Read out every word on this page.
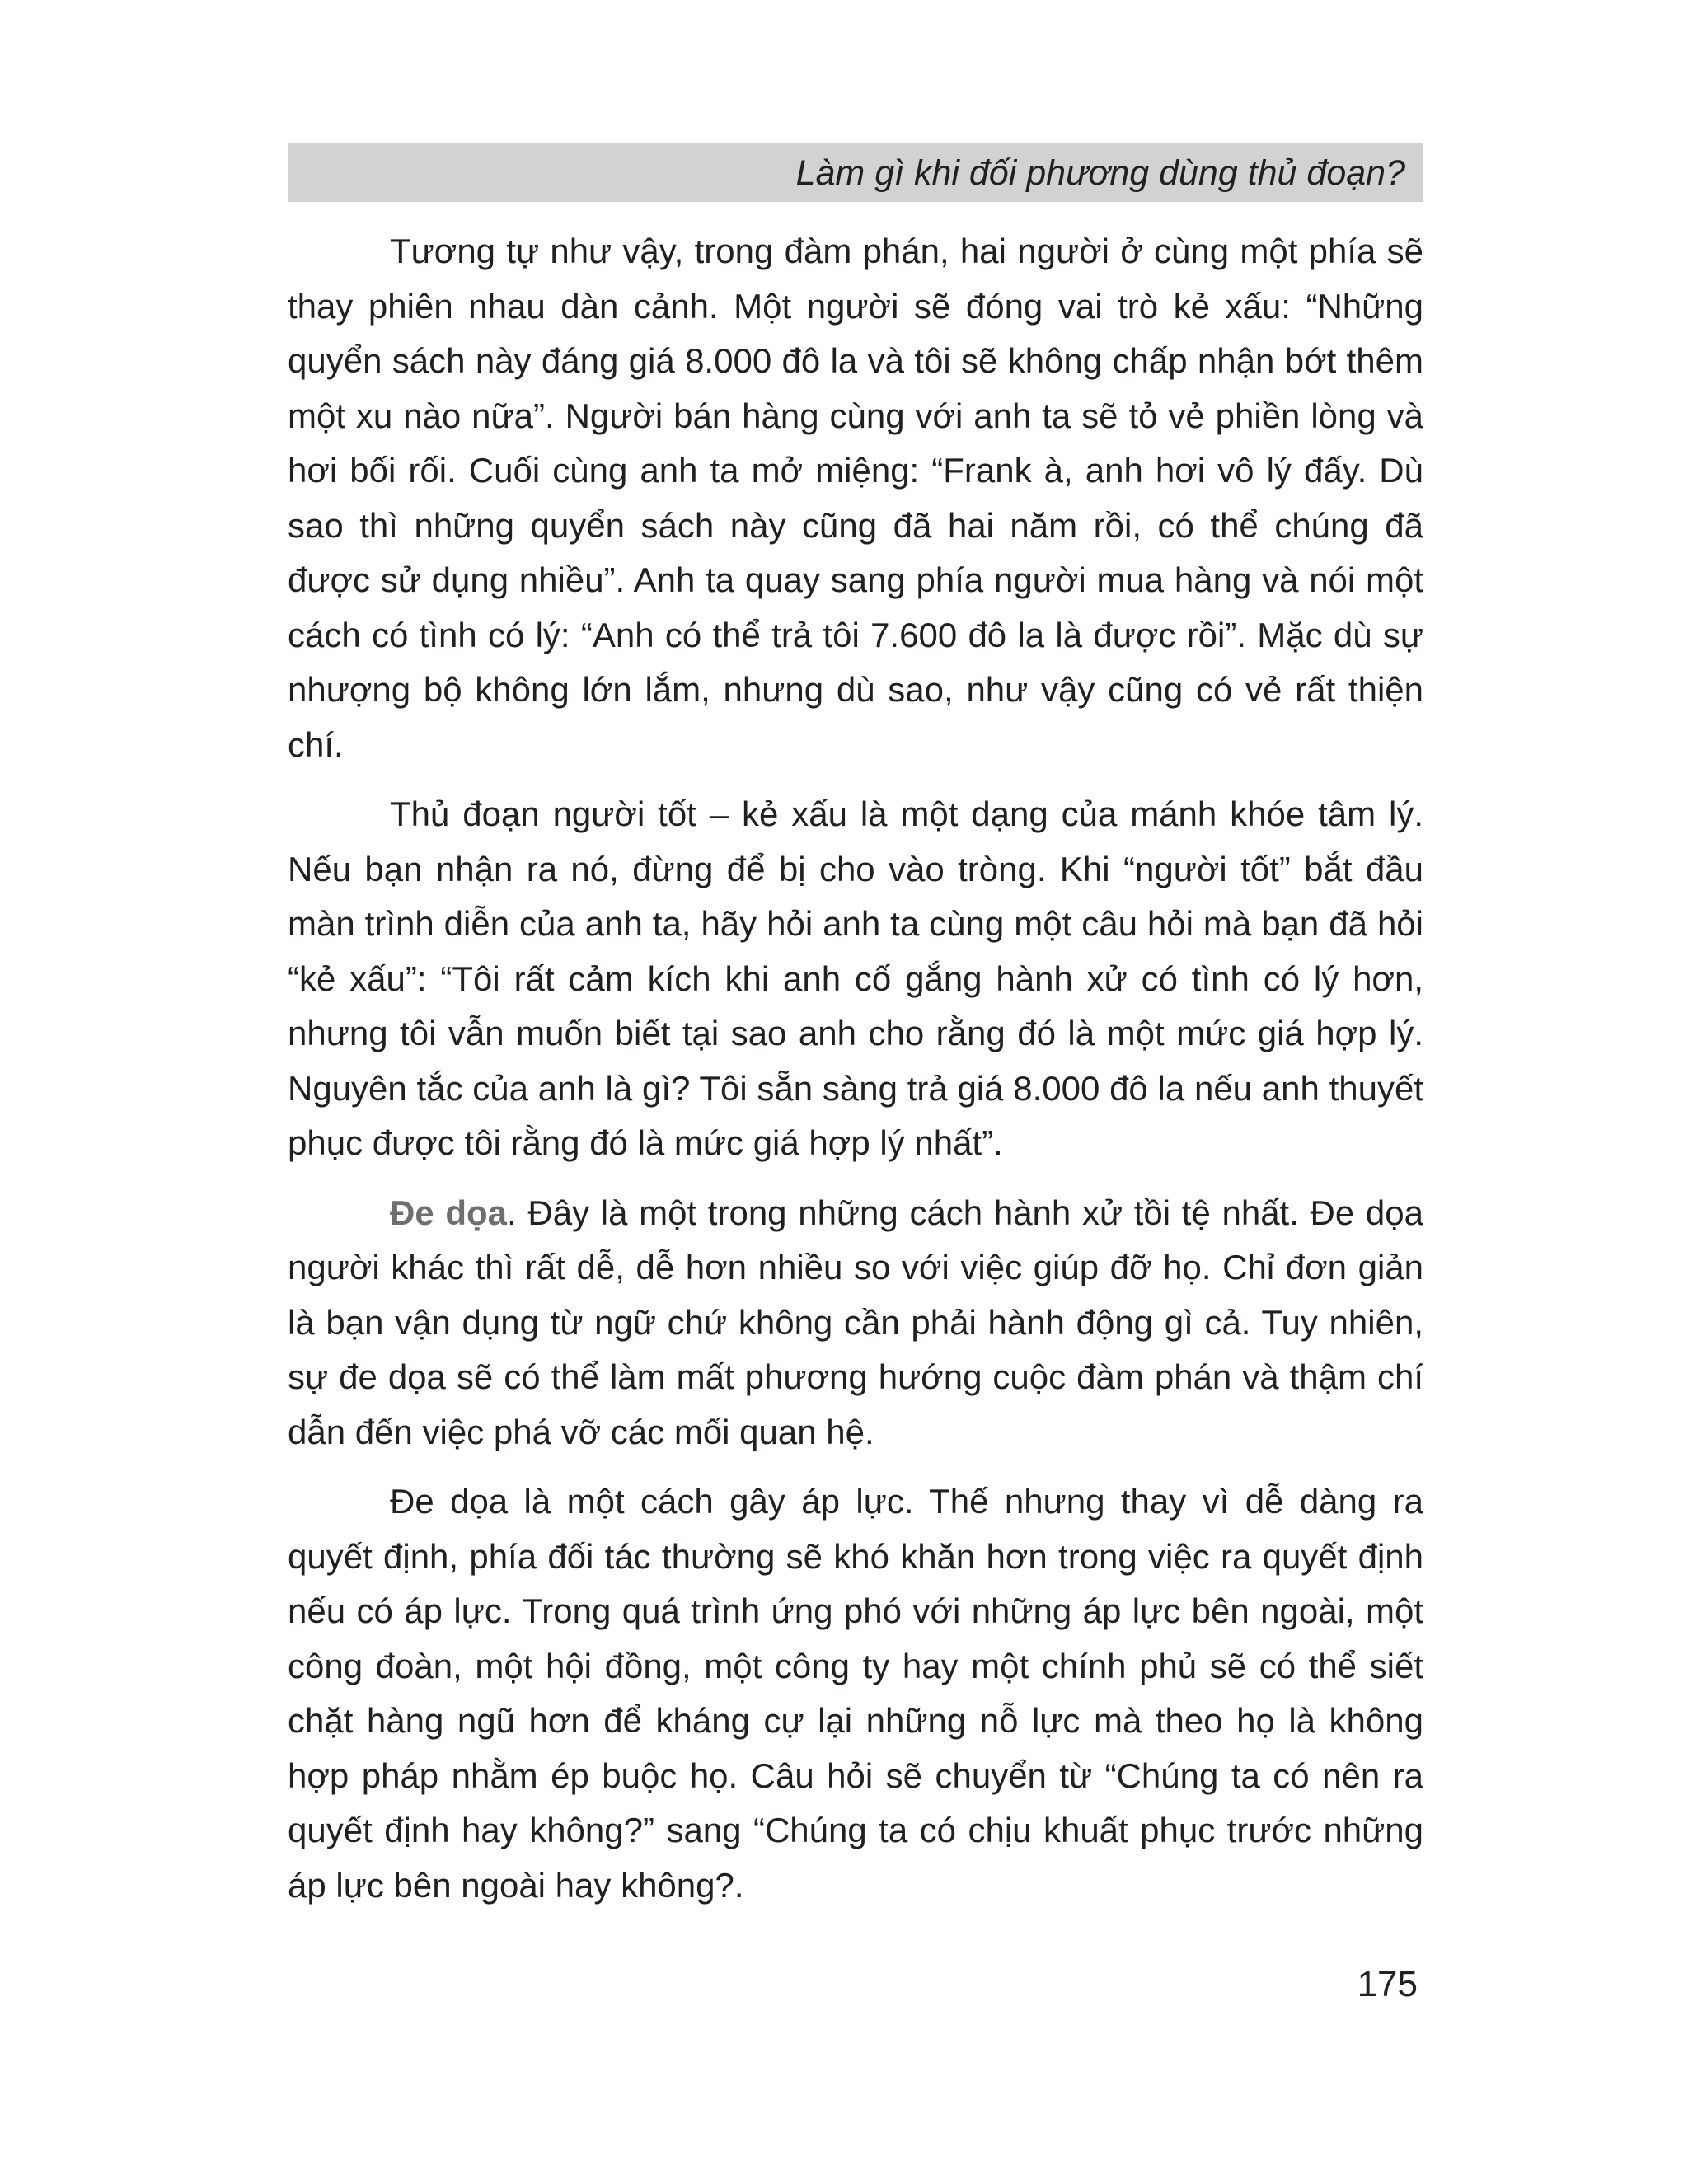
Làm gì khi đối phương dùng thủ đoạn?

Tương tự như vậy, trong đàm phán, hai người ở cùng một phía sẽ thay phiên nhau dàn cảnh. Một người sẽ đóng vai trò kẻ xấu: “Những quyển sách này đáng giá 8.000 đô la và tôi sẽ không chấp nhận bớt thêm một xu nào nữa”. Người bán hàng cùng với anh ta sẽ tỏ vẻ phiền lòng và hơi bối rối. Cuối cùng anh ta mở miệng: “Frank à, anh hơi vô lý đấy. Dù sao thì những quyển sách này cũng đã hai năm rồi, có thể chúng đã được sử dụng nhiều”. Anh ta quay sang phía người mua hàng và nói một cách có tình có lý: “Anh có thể trả tôi 7.600 đô la là được rồi”. Mặc dù sự nhượng bộ không lớn lắm, nhưng dù sao, như vậy cũng có vẻ rất thiện chí.

Thủ đoạn người tốt – kẻ xấu là một dạng của mánh khóe tâm lý. Nếu bạn nhận ra nó, đừng để bị cho vào tròng. Khi “người tốt” bắt đầu màn trình diễn của anh ta, hãy hỏi anh ta cùng một câu hỏi mà bạn đã hỏi “kẻ xấu”: “Tôi rất cảm kích khi anh cố gắng hành xử có tình có lý hơn, nhưng tôi vẫn muốn biết tại sao anh cho rằng đó là một mức giá hợp lý. Nguyên tắc của anh là gì? Tôi sẵn sàng trả giá 8.000 đô la nếu anh thuyết phục được tôi rằng đó là mức giá hợp lý nhất”.

Đe dọa. Đây là một trong những cách hành xử tồi tệ nhất. Đe dọa người khác thì rất dễ, dễ hơn nhiều so với việc giúp đỡ họ. Chỉ đơn giản là bạn vận dụng từ ngữ chứ không cần phải hành động gì cả. Tuy nhiên, sự đe dọa sẽ có thể làm mất phương hướng cuộc đàm phán và thậm chí dẫn đến việc phá vỡ các mối quan hệ.

Đe dọa là một cách gây áp lực. Thế nhưng thay vì dễ dàng ra quyết định, phía đối tác thường sẽ khó khăn hơn trong việc ra quyết định nếu có áp lực. Trong quá trình ứng phó với những áp lực bên ngoài, một công đoàn, một hội đồng, một công ty hay một chính phủ sẽ có thể siết chặt hàng ngũ hơn để kháng cự lại những nỗ lực mà theo họ là không hợp pháp nhằm ép buộc họ. Câu hỏi sẽ chuyển từ “Chúng ta có nên ra quyết định hay không?” sang “Chúng ta có chịu khuất phục trước những áp lực bên ngoài hay không?.

175
